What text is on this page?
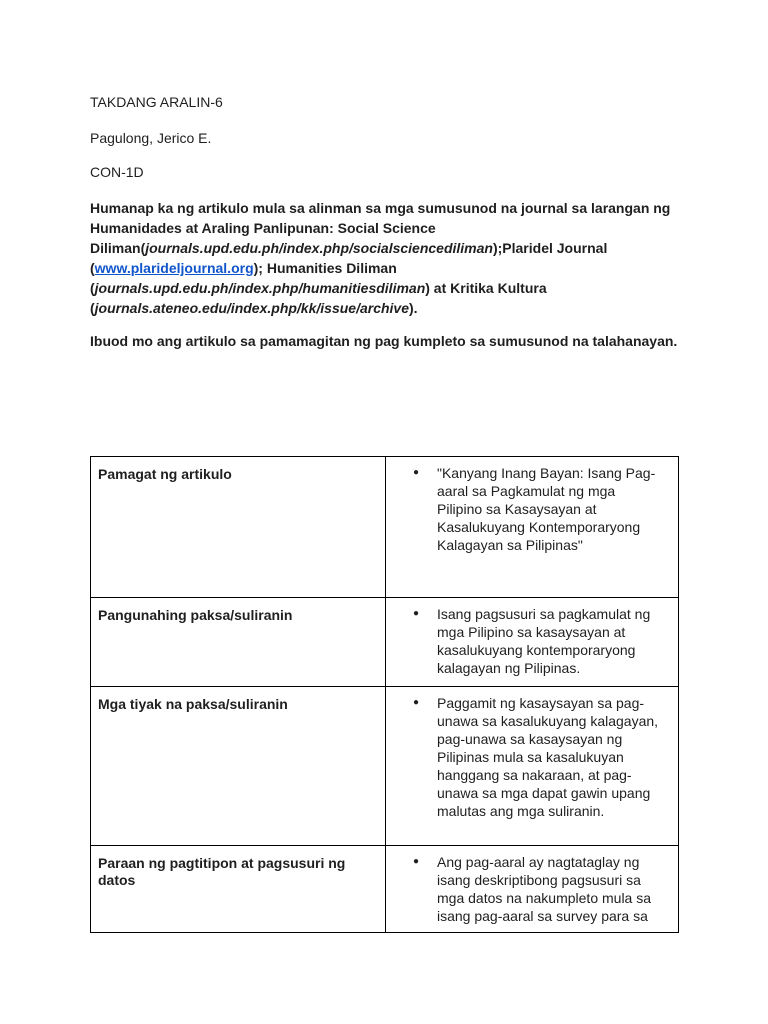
TAKDANG ARALIN-6

Pagulong, Jerico E.

CON-1D

Humanap ka ng artikulo mula sa alinman sa mga sumusunod na journal sa larangan ng Humanidades at Araling Panlipunan: Social Science Diliman(journals.upd.edu.ph/index.php/socialsciencediliman);Plaridel Journal (www.plarideljournal.org); Humanities Diliman (journals.upd.edu.ph/index.php/humanitiesdiliman) at Kritika Kultura (journals.ateneo.edu/index.php/kk/issue/archive).

Ibuod mo ang artikulo sa pamamagitan ng pag kumpleto sa sumusunod na talahanayan.

Pamagat ng artikulo	● "Kanyang Inang Bayan: Isang Pag-aaral sa Pagkamulat ng mga Pilipino sa Kasaysayan at Kasalukuyang Kontemporaryong Kalagayan sa Pilipinas"

Pangunahing paksa/suliranin	● Isang pagsusuri sa pagkamulat ng mga Pilipino sa kasaysayan at kasalukuyang kontemporaryong kalagayan ng Pilipinas.

Mga tiyak na paksa/suliranin	● Paggamit ng kasaysayan sa pag-unawa sa kasalukuyang kalagayan, pag-unawa sa kasaysayan ng Pilipinas mula sa kasalukuyan hanggang sa nakaraan, at pag-unawa sa mga dapat gawin upang malutas ang mga suliranin.

Paraan ng pagtitipon at pagsusuri ng datos	● Ang pag-aaral ay nagtataglay ng isang deskriptibong pagsusuri sa mga datos na nakumpleto mula sa isang pag-aaral sa survey para sa
